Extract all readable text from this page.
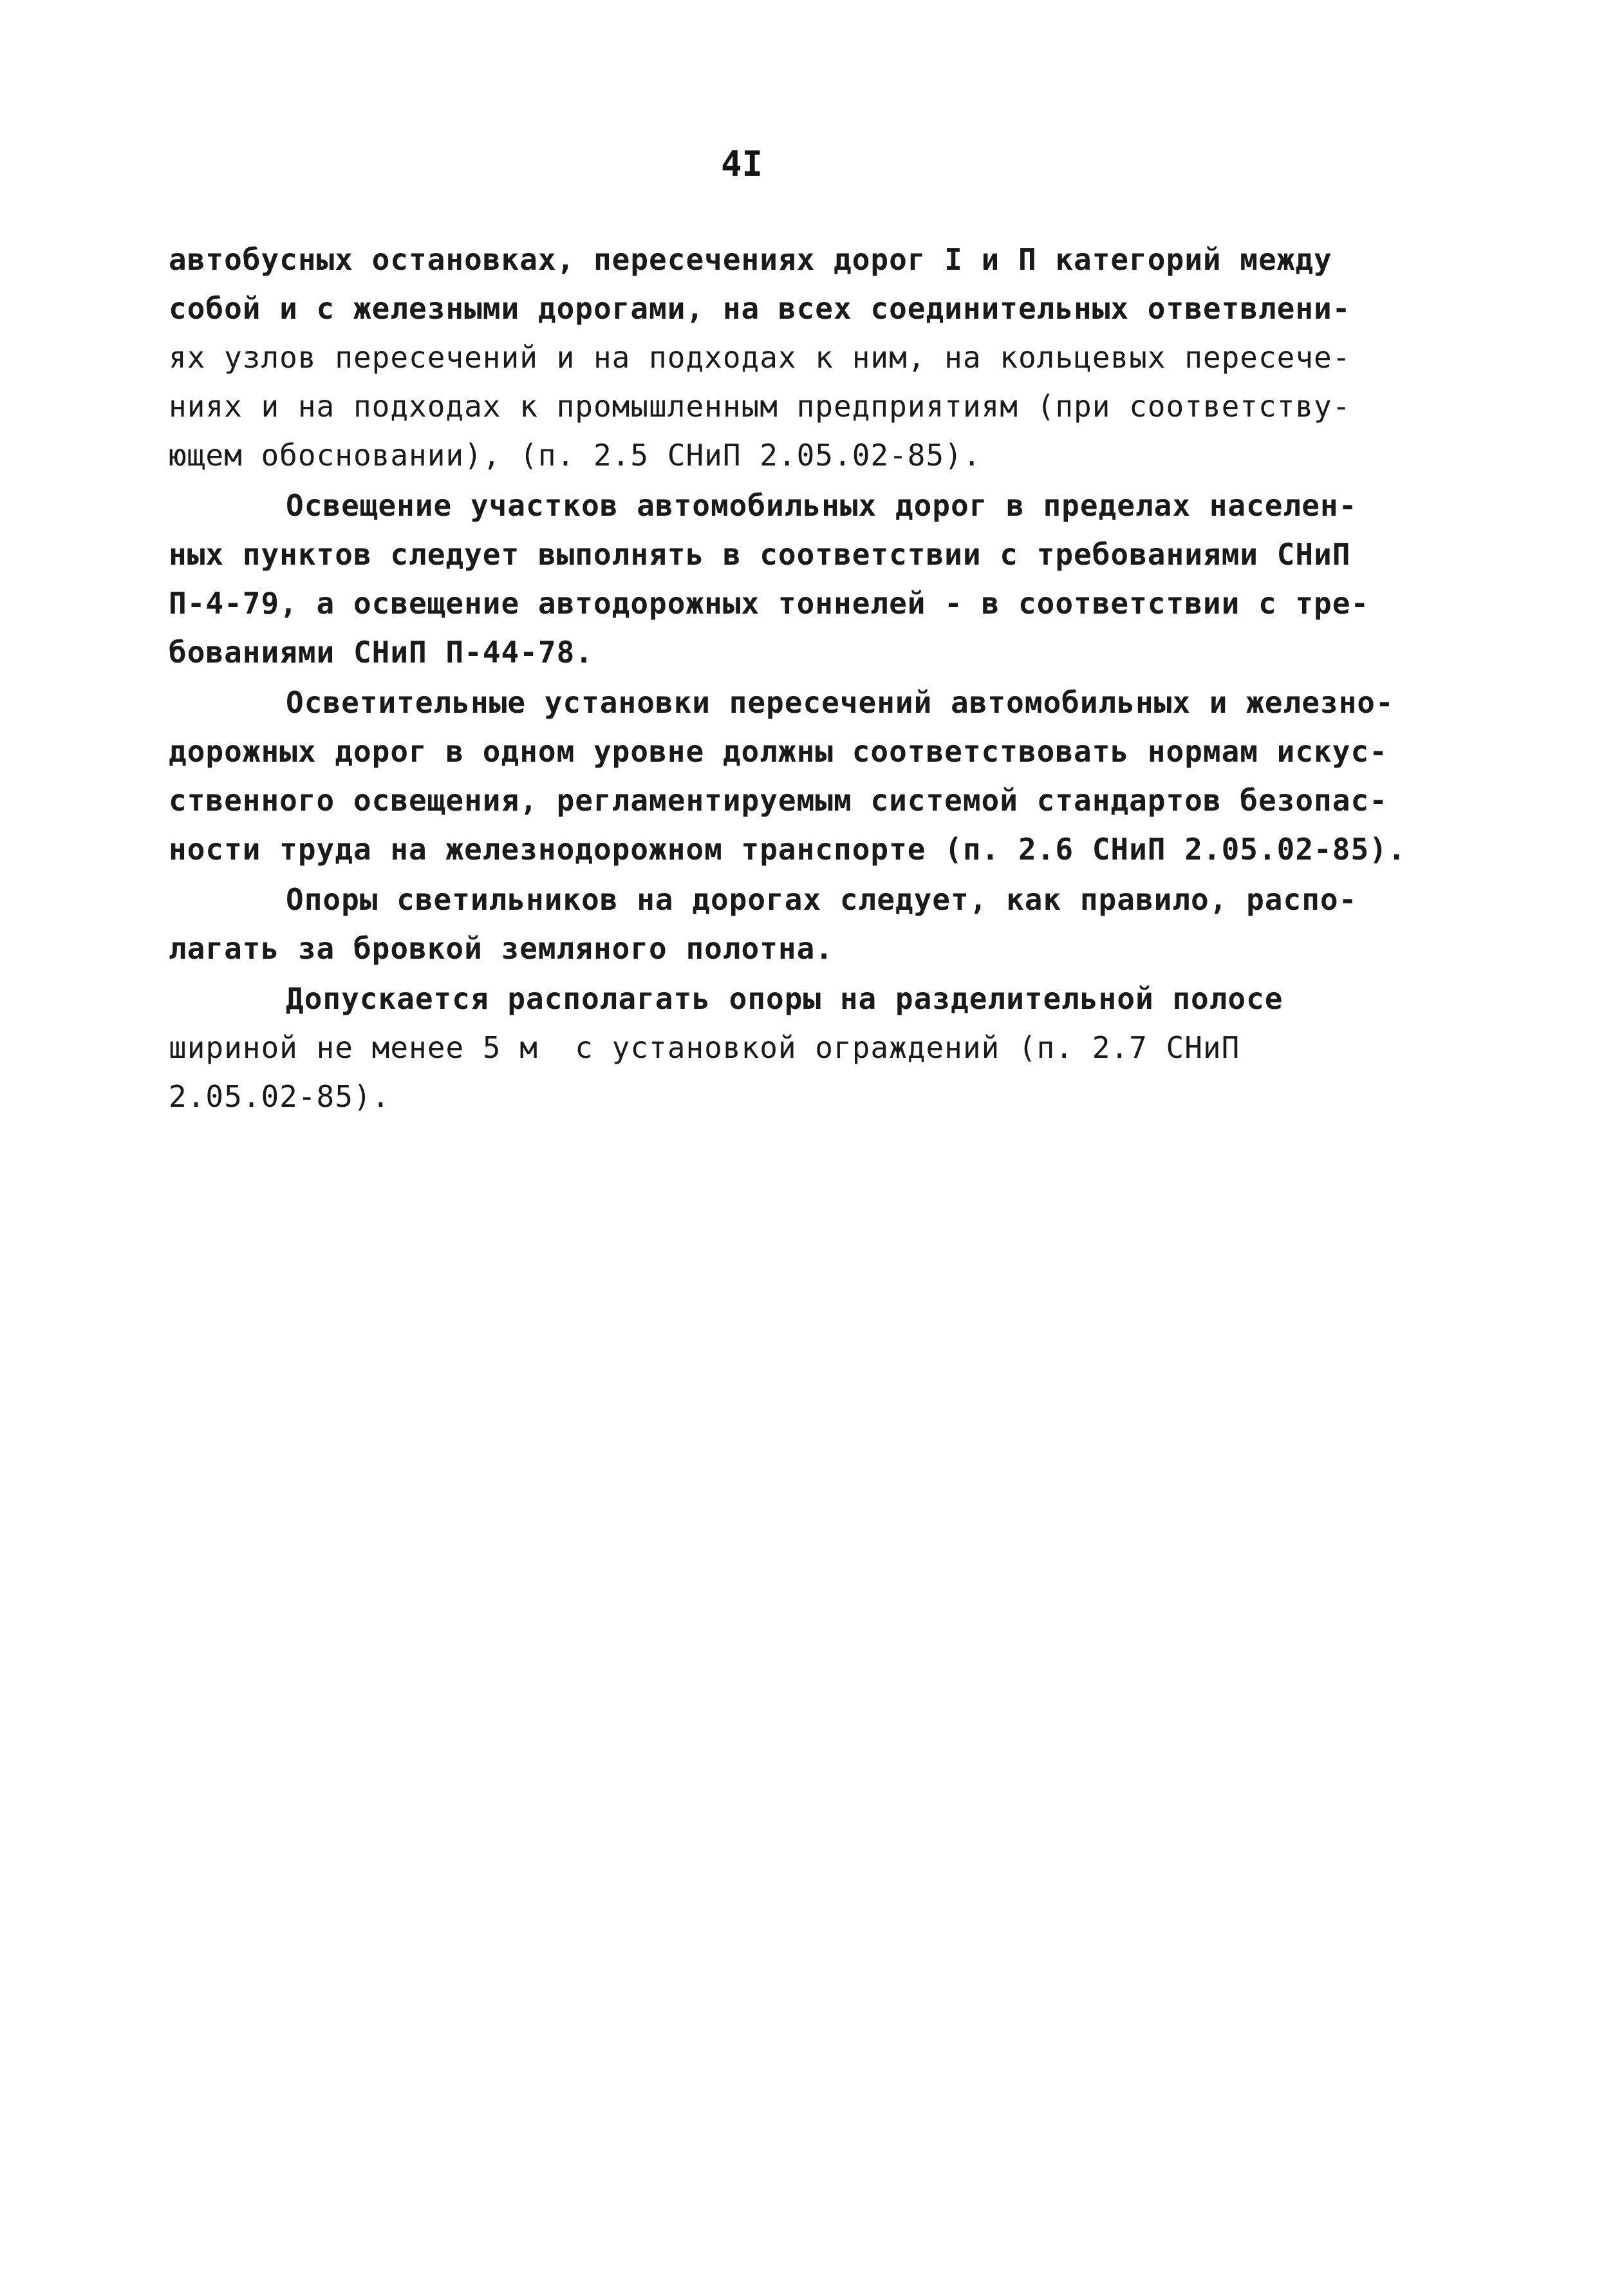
4I
автобусных остановках, пересечениях дорог I и П категорий между
собой и с железными дорогами, на всех соединительных ответвлени-
ях узлов пересечений и на подходах к ним, на кольцевых пересече-
ниях и на подходах к промышленным предприятиям (при соответству-
ющем обосновании), (п. 2.5 СНиП 2.05.02-85).
Освещение участков автомобильных дорог в пределах населен-
ных пунктов следует выполнять в соответствии с требованиями СНиП
П-4-79, а освещение автодорожных тоннелей - в соответствии с тре-
бованиями СНиП П-44-78.
Осветительные установки пересечений автомобильных и железно-
дорожных дорог в одном уровне должны соответствовать нормам искус-
ственного освещения, регламентируемым системой стандартов безопас-
ности труда на железнодорожном транспорте (п. 2.6 СНиП 2.05.02-85).
Опоры светильников на дорогах следует, как правило, распо-
лагать за бровкой земляного полотна.
Допускается располагать опоры на разделительной полосе
шириной не менее 5 м  с установкой ограждений (п. 2.7 СНиП
2.05.02-85).
